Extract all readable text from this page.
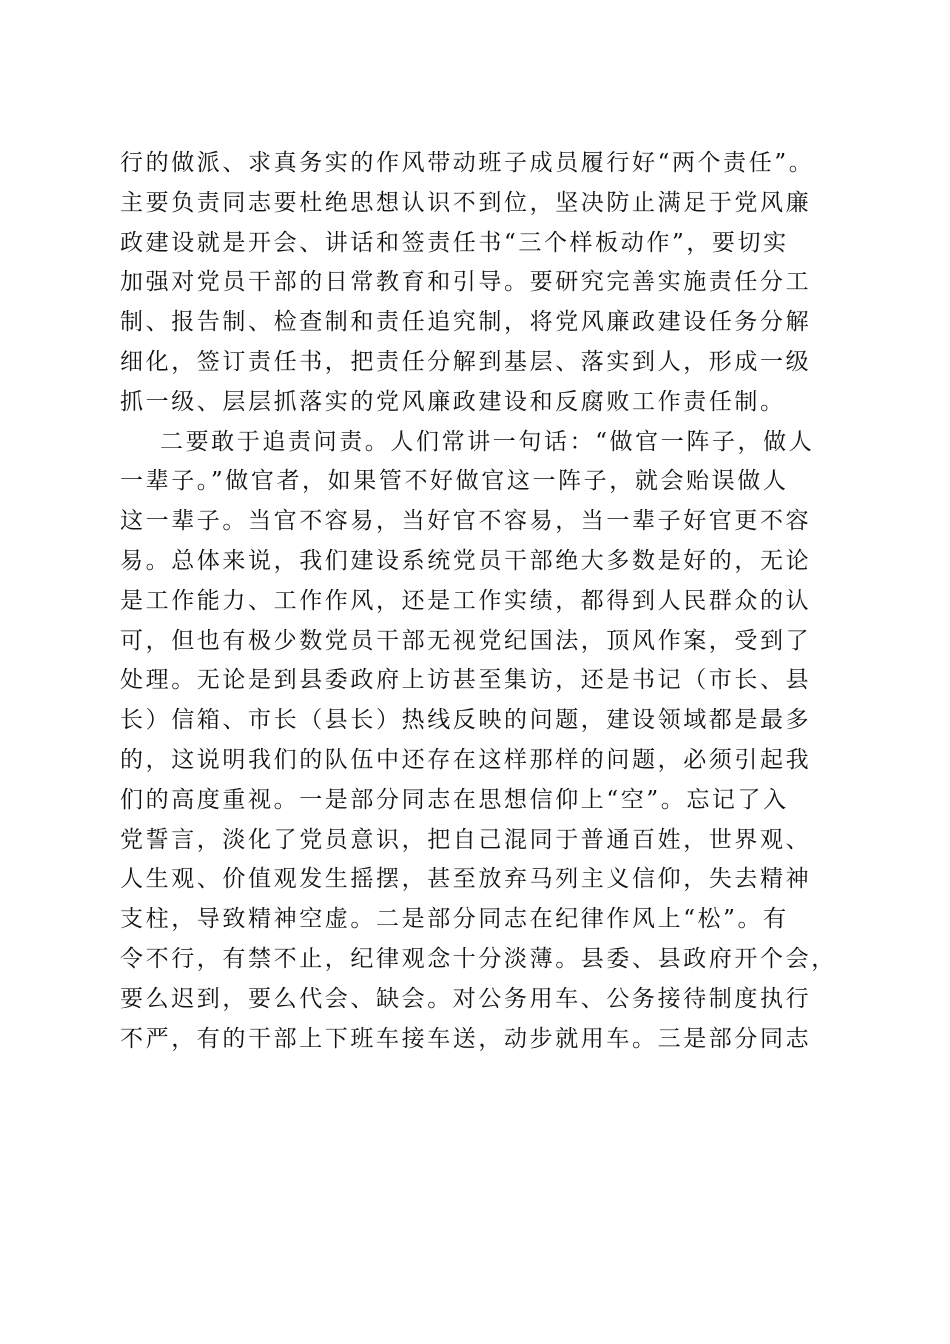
行的做派、求真务实的作风带动班子成员履行好“两个责任”。
主要负责同志要杜绝思想认识不到位，坚决防止满足于党风廉
政建设就是开会、讲话和签责任书“三个样板动作”，要切实
加强对党员干部的日常教育和引导。要研究完善实施责任分工
制、报告制、检查制和责任追究制，将党风廉政建设任务分解
细化，签订责任书，把责任分解到基层、落实到人，形成一级
抓一级、层层抓落实的党风廉政建设和反腐败工作责任制。
二要敢于追责问责。人们常讲一句话：“做官一阵子，做人
一辈子。”做官者，如果管不好做官这一阵子，就会贻误做人
这一辈子。当官不容易，当好官不容易，当一辈子好官更不容
易。总体来说，我们建设系统党员干部绝大多数是好的，无论
是工作能力、工作作风，还是工作实绩，都得到人民群众的认
可，但也有极少数党员干部无视党纪国法，顶风作案，受到了
处理。无论是到县委政府上访甚至集访，还是书记（市长、县
长）信箱、市长（县长）热线反映的问题，建设领域都是最多
的，这说明我们的队伍中还存在这样那样的问题，必须引起我
们的高度重视。一是部分同志在思想信仰上“空”。忘记了入
党誓言，淡化了党员意识，把自己混同于普通百姓，世界观、
人生观、价值观发生摇摆，甚至放弃马列主义信仰，失去精神
支柱，导致精神空虚。二是部分同志在纪律作风上“松”。有
令不行，有禁不止，纪律观念十分淡薄。县委、县政府开个会，
要么迟到，要么代会、缺会。对公务用车、公务接待制度执行
不严，有的干部上下班车接车送，动步就用车。三是部分同志
